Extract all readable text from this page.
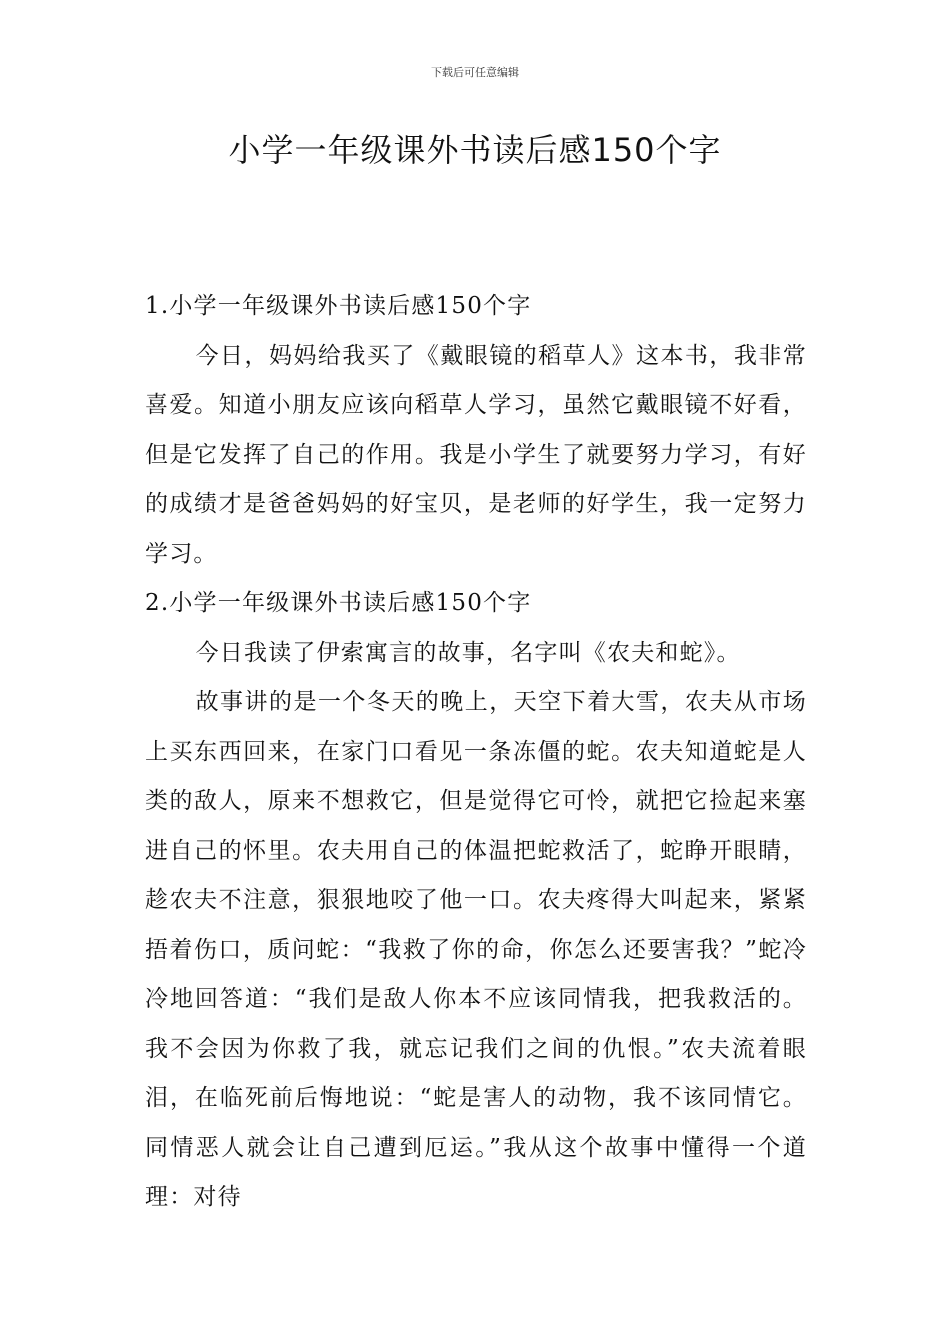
下载后可任意编辑
小学一年级课外书读后感150个字

1.小学一年级课外书读后感150个字

今日，妈妈给我买了《戴眼镜的稻草人》这本书，我非常喜爱。知道小朋友应该向稻草人学习，虽然它戴眼镜不好看，但是它发挥了自己的作用。我是小学生了就要努力学习，有好的成绩才是爸爸妈妈的好宝贝，是老师的好学生，我一定努力学习。

2.小学一年级课外书读后感150个字

今日我读了伊索寓言的故事，名字叫《农夫和蛇》。

故事讲的是一个冬天的晚上，天空下着大雪，农夫从市场上买东西回来，在家门口看见一条冻僵的蛇。农夫知道蛇是人类的敌人，原来不想救它，但是觉得它可怜，就把它捡起来塞进自己的怀里。农夫用自己的体温把蛇救活了，蛇睁开眼睛，趁农夫不注意，狠狠地咬了他一口。农夫疼得大叫起来，紧紧捂着伤口，质问蛇：“我救了你的命，你怎么还要害我？”蛇冷冷地回答道：“我们是敌人你本不应该同情我，把我救活的。我不会因为你救了我，就忘记我们之间的仇恨。”农夫流着眼泪，在临死前后悔地说：“蛇是害人的动物，我不该同情它。同情恶人就会让自己遭到厄运。”我从这个故事中懂得一个道理：对待
